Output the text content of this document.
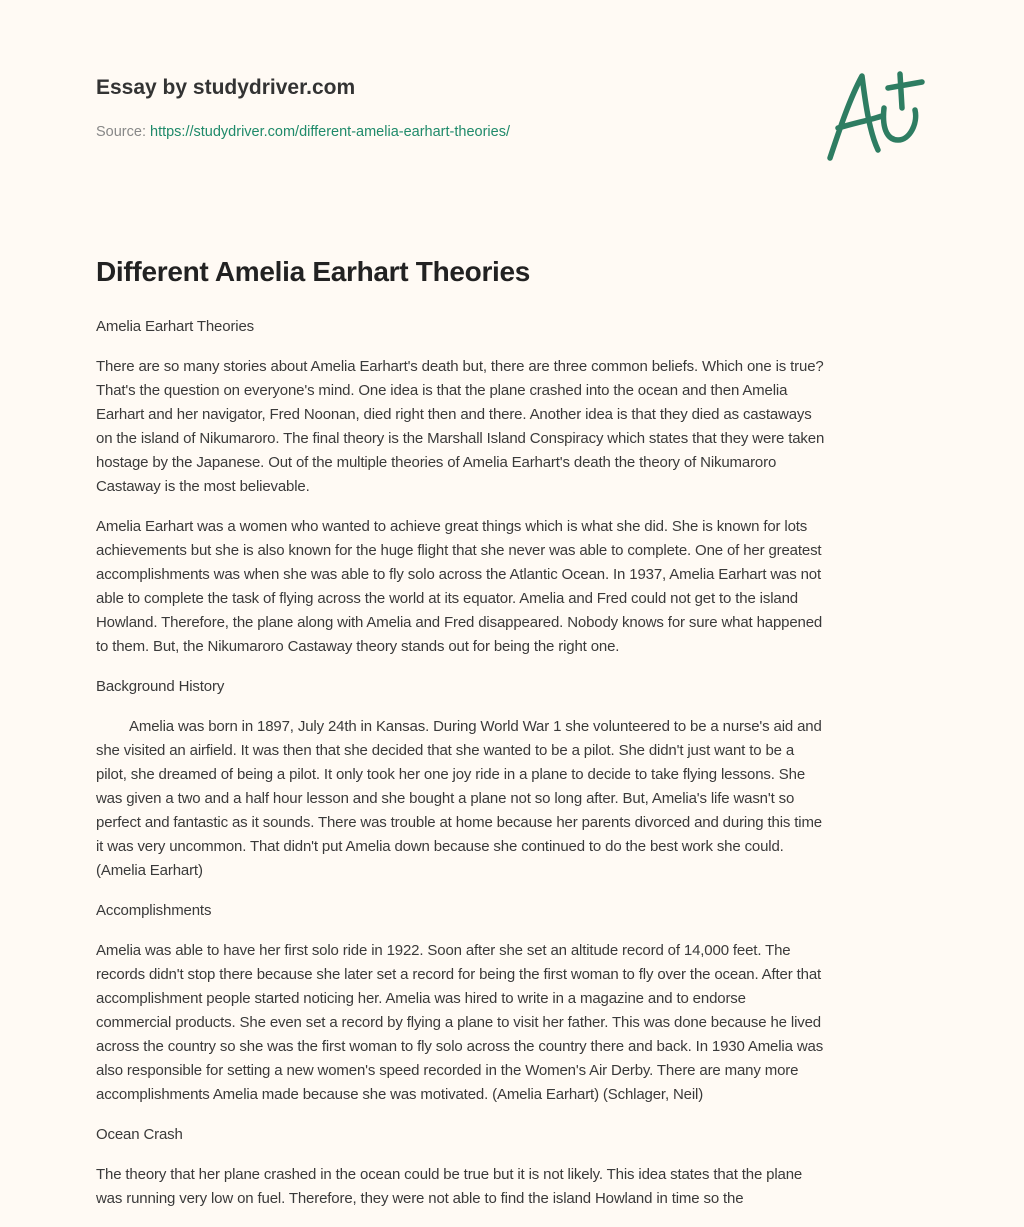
Essay by studydriver.com
Source: https://studydriver.com/different-amelia-earhart-theories/
Different Amelia Earhart Theories
Amelia Earhart Theories
There are so many stories about Amelia Earhart's death but, there are three common beliefs. Which one is true?
That's the question on everyone's mind. One idea is that the plane crashed into the ocean and then Amelia
Earhart and her navigator, Fred Noonan, died right then and there. Another idea is that they died as castaways
on the island of Nikumaroro. The final theory is the Marshall Island Conspiracy which states that they were taken
hostage by the Japanese. Out of the multiple theories of Amelia Earhart's death the theory of Nikumaroro
Castaway is the most believable.
Amelia Earhart was a women who wanted to achieve great things which is what she did. She is known for lots
achievements but she is also known for the huge flight that she never was able to complete. One of her greatest
accomplishments was when she was able to fly solo across the Atlantic Ocean. In 1937, Amelia Earhart was not
able to complete the task of flying across the world at its equator. Amelia and Fred could not get to the island
Howland. Therefore, the plane along with Amelia and Fred disappeared. Nobody knows for sure what happened
to them. But, the Nikumaroro Castaway theory stands out for being the right one.
Background History
Amelia was born in 1897, July 24th in Kansas. During World War 1 she volunteered to be a nurse's aid and
she visited an airfield. It was then that she decided that she wanted to be a pilot. She didn't just want to be a
pilot, she dreamed of being a pilot. It only took her one joy ride in a plane to decide to take flying lessons. She
was given a two and a half hour lesson and she bought a plane not so long after. But, Amelia's life wasn't so
perfect and fantastic as it sounds. There was trouble at home because her parents divorced and during this time
it was very uncommon. That didn't put Amelia down because she continued to do the best work she could.
(Amelia Earhart)
Accomplishments
Amelia was able to have her first solo ride in 1922. Soon after she set an altitude record of 14,000 feet. The
records didn't stop there because she later set a record for being the first woman to fly over the ocean. After that
accomplishment people started noticing her. Amelia was hired to write in a magazine and to endorse
commercial products. She even set a record by flying a plane to visit her father. This was done because he lived
across the country so she was the first woman to fly solo across the country there and back. In 1930 Amelia was
also responsible for setting a new women's speed recorded in the Women's Air Derby. There are many more
accomplishments Amelia made because she was motivated. (Amelia Earhart) (Schlager, Neil)
Ocean Crash
The theory that her plane crashed in the ocean could be true but it is not likely. This idea states that the plane
was running very low on fuel. Therefore, they were not able to find the island Howland in time so the
